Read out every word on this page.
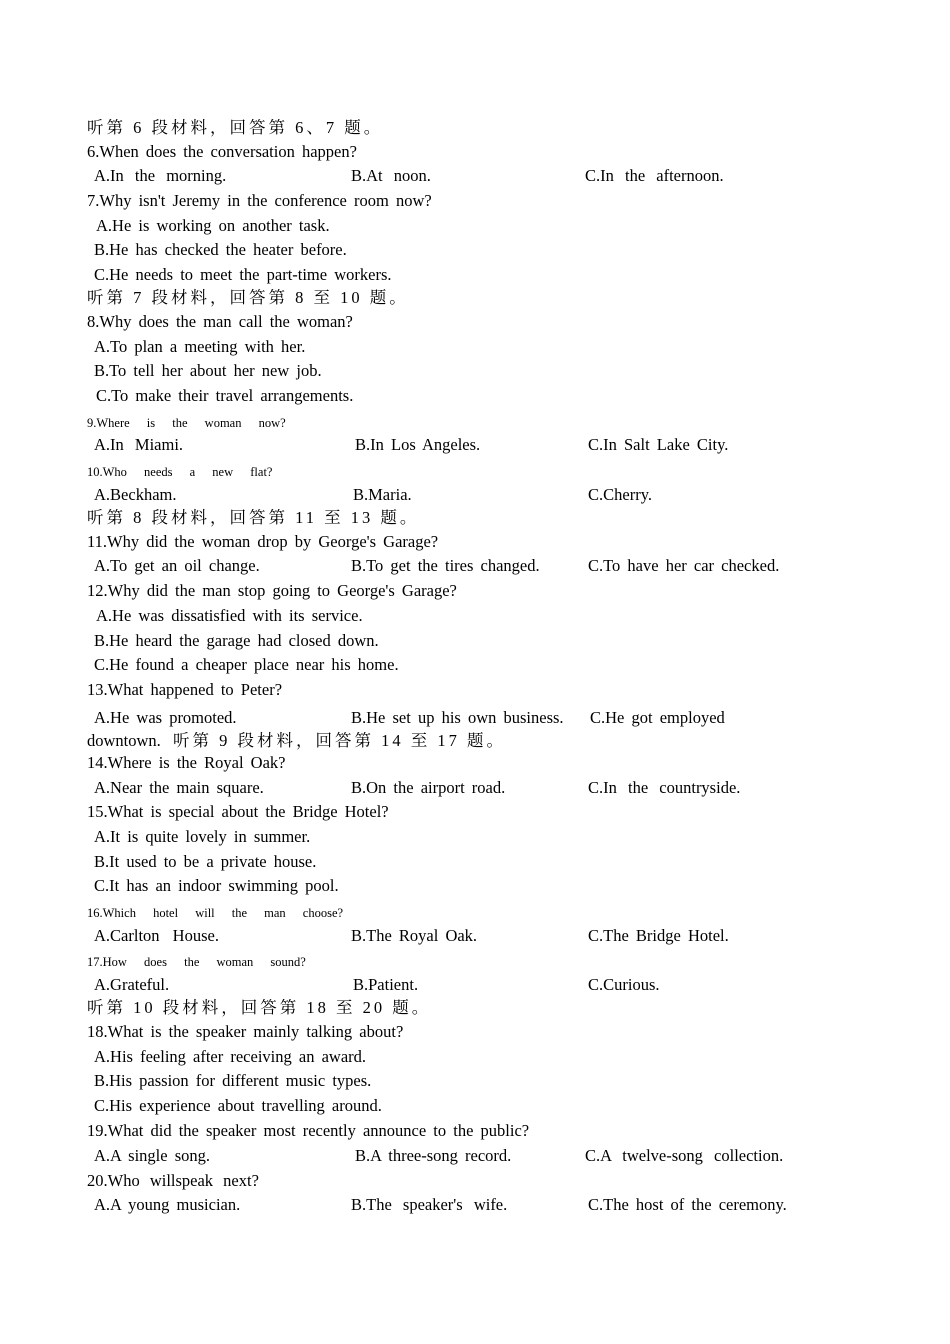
听第 6 段材料，回答第 6、7 题。
6.When does the conversation happen?
A.In the morning.	B.At noon.	C.In the afternoon.
7.Why isn't Jeremy in the conference room now?
A.He is working on another task.
B.He has checked the heater before.
C.He needs to meet the part-time workers.
听第 7 段材料，回答第 8 至 10 题。
8.Why does the man call the woman?
A.To plan a meeting with her.
B.To tell her about her new job.
C.To make their travel arrangements.
9.Where is the woman now?
A.In Miami.	B.In Los Angeles.	C.In Salt Lake City.
10.Who needs a new flat?
A.Beckham.	B.Maria.	C.Cherry.
听第 8 段材料，回答第 11 至 13 题。
11.Why did the woman drop by George's Garage?
A.To get an oil change.	B.To get the tires changed.	C.To have her car checked.
12.Why did the man stop going to George's Garage?
A.He was dissatisfied with its service.
B.He heard the garage had closed down.
C.He found a cheaper place near his home.
13.What happened to Peter?
A.He was promoted.	B.He set up his own business. C.He got employed
downtown. 听第 9 段材料，回答第 14 至 17 题。
14.Where is the Royal Oak?
A.Near the main square.	B.On the airport road.	C.In the countryside.
15.What is special about the Bridge Hotel?
A.It is quite lovely in summer.
B.It used to be a private house.
C.It has an indoor swimming pool.
16.Which hotel will the man choose?
A.Carlton House.	B.The Royal Oak.	C.The Bridge Hotel.
17.How does the woman sound?
A.Grateful.	B.Patient.	C.Curious.
听第 10 段材料，回答第 18 至 20 题。
18.What is the speaker mainly talking about?
A.His feeling after receiving an award.
B.His passion for different music types.
C.His experience about travelling around.
19.What did the speaker most recently announce to the public?
A.A single song.	B.A three-song record.	C.A twelve-song collection.
20.Who willspeak next?
A.A young musician.	B.The speaker's wife.	C.The host of the ceremony.
